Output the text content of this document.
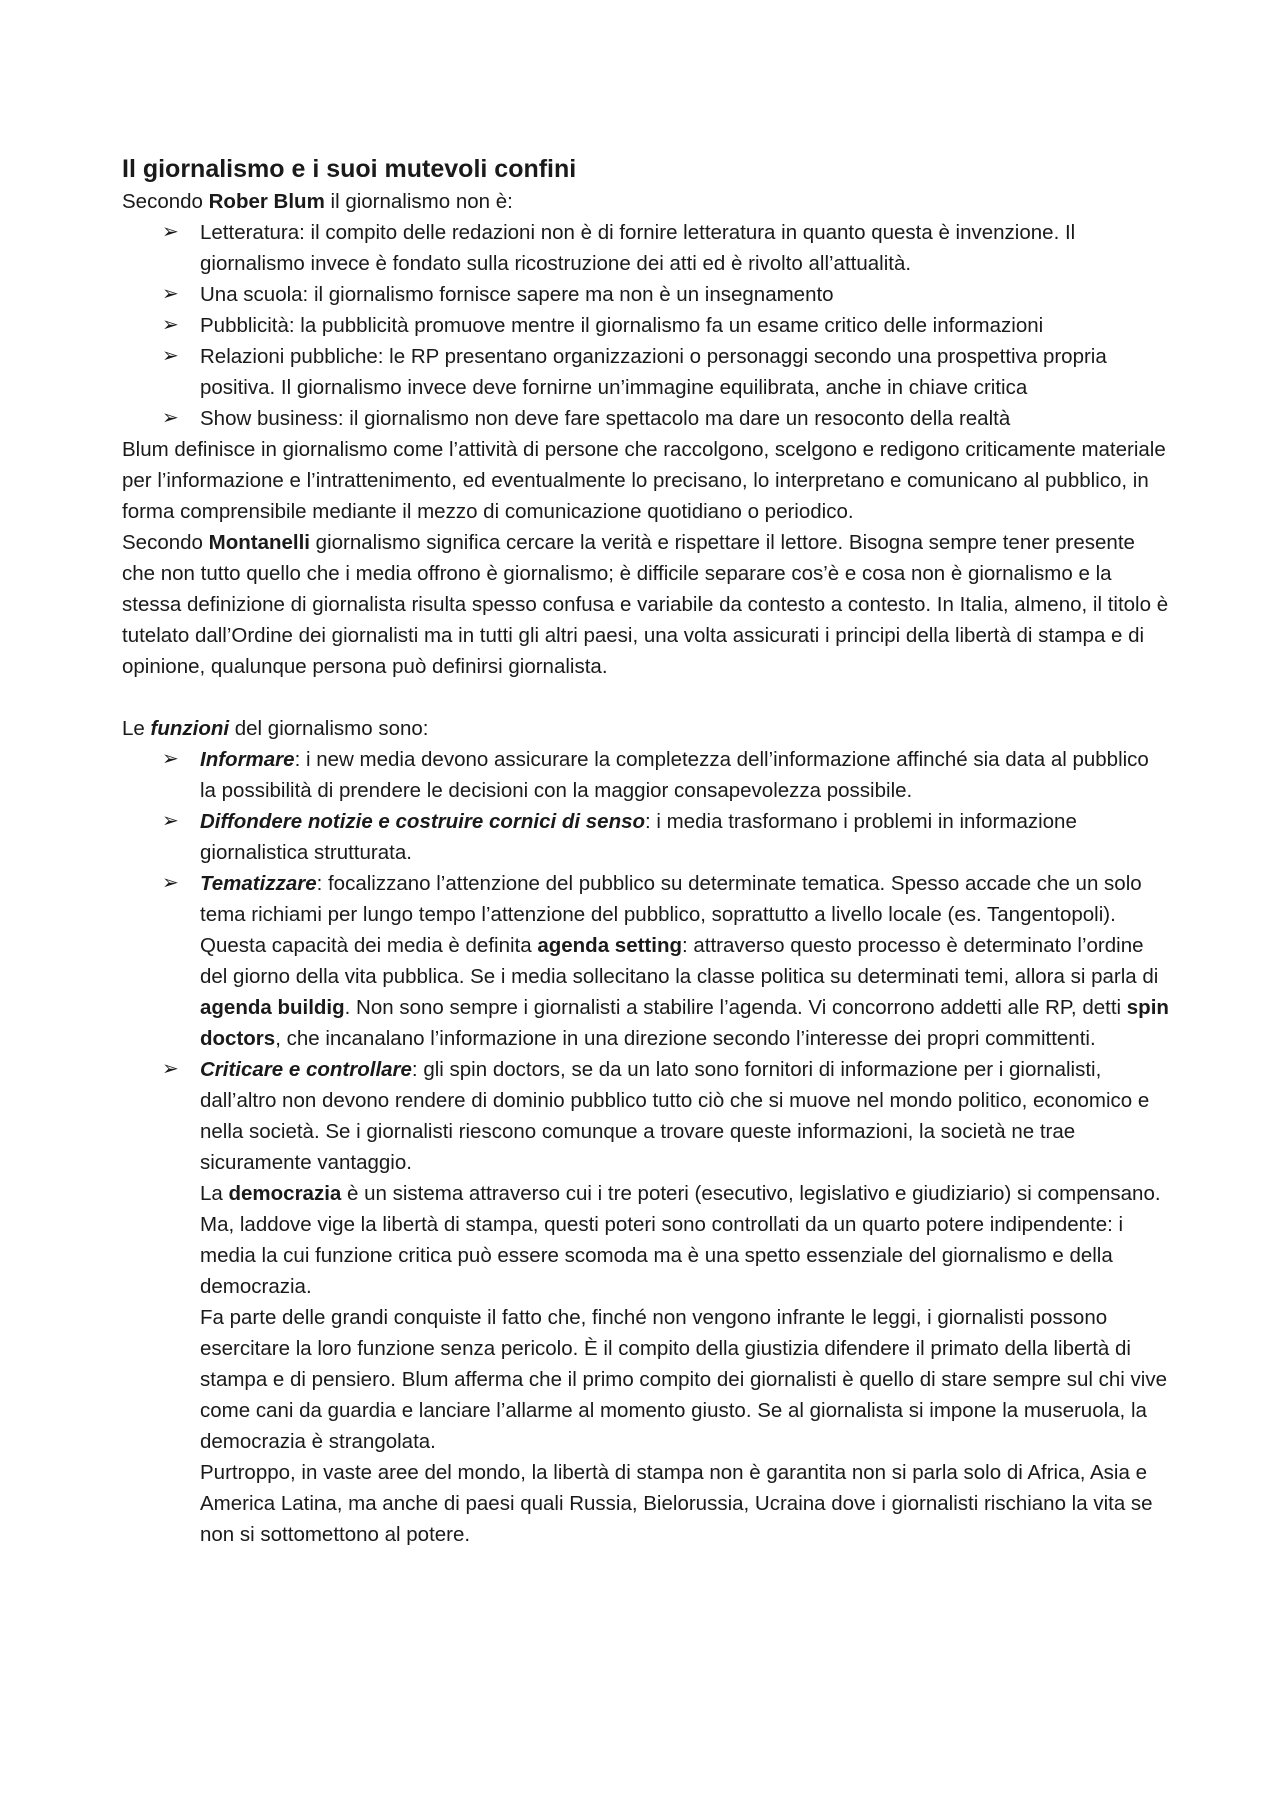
Il giornalismo e i suoi mutevoli confini

Secondo Rober Blum il giornalismo non è:

➢ Letteratura: il compito delle redazioni non è di fornire letteratura in quanto questa è invenzione. Il giornalismo invece è fondato sulla ricostruzione dei atti ed è rivolto all’attualità.
➢ Una scuola: il giornalismo fornisce sapere ma non è un insegnamento
➢ Pubblicità: la pubblicità promuove mentre il giornalismo fa un esame critico delle informazioni
➢ Relazioni pubbliche: le RP presentano organizzazioni o personaggi secondo una prospettiva propria positiva. Il giornalismo invece deve fornirne un’immagine equilibrata, anche in chiave critica
➢ Show business: il giornalismo non deve fare spettacolo ma dare un resoconto della realtà

Blum definisce in giornalismo come l’attività di persone che raccolgono, scelgono e redigono criticamente materiale per l’informazione e l’intrattenimento, ed eventualmente lo precisano, lo interpretano e comunicano al pubblico, in forma comprensibile mediante il mezzo di comunicazione quotidiano o periodico.

Secondo Montanelli giornalismo significa cercare la verità e rispettare il lettore. Bisogna sempre tener presente che non tutto quello che i media offrono è giornalismo; è difficile separare cos’è e cosa non è giornalismo e la stessa definizione di giornalista risulta spesso confusa e variabile da contesto a contesto. In Italia, almeno, il titolo è tutelato dall’Ordine dei giornalisti ma in tutti gli altri paesi, una volta assicurati i principi della libertà di stampa e di opinione, qualunque persona può definirsi giornalista.

Le funzioni del giornalismo sono:

➢ Informare: i new media devono assicurare la completezza dell’informazione affinché sia data al pubblico la possibilità di prendere le decisioni con la maggior consapevolezza possibile.
➢ Diffondere notizie e costruire cornici di senso: i media trasformano i problemi in informazione giornalistica strutturata.
➢ Tematizzare: focalizzano l’attenzione del pubblico su determinate tematica. Spesso accade che un solo tema richiami per lungo tempo l’attenzione del pubblico, soprattutto a livello locale (es. Tangentopoli). Questa capacità dei media è definita agenda setting: attraverso questo processo è determinato l’ordine del giorno della vita pubblica. Se i media sollecitano la classe politica su determinati temi, allora si parla di agenda buildig. Non sono sempre i giornalisti a stabilire l’agenda. Vi concorrono addetti alle RP, detti spin doctors, che incanalano l’informazione in una direzione secondo l’interesse dei propri committenti.
➢ Criticare e controllare: gli spin doctors, se da un lato sono fornitori di informazione per i giornalisti, dall’altro non devono rendere di dominio pubblico tutto ciò che si muove nel mondo politico, economico e nella società. Se i giornalisti riescono comunque a trovare queste informazioni, la società ne trae sicuramente vantaggio.

La democrazia è un sistema attraverso cui i tre poteri (esecutivo, legislativo e giudiziario) si compensano. Ma, laddove vige la libertà di stampa, questi poteri sono controllati da un quarto potere indipendente: i media la cui funzione critica può essere scomoda ma è una spetto essenziale del giornalismo e della democrazia.

Fa parte delle grandi conquiste il fatto che, finché non vengono infrante le leggi, i giornalisti possono esercitare la loro funzione senza pericolo. È il compito della giustizia difendere il primato della libertà di stampa e di pensiero. Blum afferma che il primo compito dei giornalisti è quello di stare sempre sul chi vive come cani da guardia e lanciare l’allarme al momento giusto. Se al giornalista si impone la museruola, la democrazia è strangolata.

Purtroppo, in vaste aree del mondo, la libertà di stampa non è garantita non si parla solo di Africa, Asia e America Latina, ma anche di paesi quali Russia, Bielorussia, Ucraina dove i giornalisti rischiano la vita se non si sottomettono al potere.
